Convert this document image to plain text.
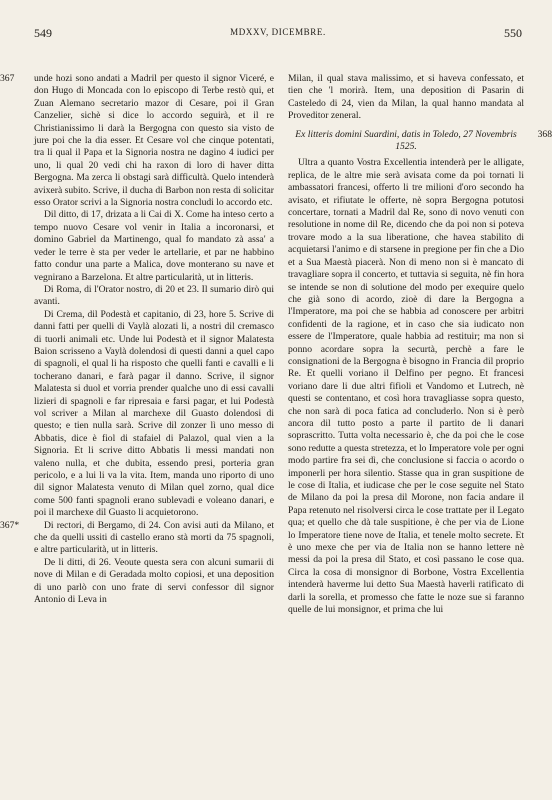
549	MDXXV, DICEMBRE.	550

367 unde hozi sono andati a Madril per questo il signor Viceré, e don Hugo di Moncada con lo episcopo di Terbe restò qui, et Zuan Alemano secretario mazor di Cesare, poi il Gran Canzelier, sichè si dice lo accordo seguirà, et il re Christianissimo li darà la Bergogna con questo sia visto de jure poi che la dia esser. Et Cesare vol che cinque potentati, tra li qual il Papa et la Signoria nostra ne dagino 4 iudici per uno, li qual 20 vedi chi ha raxon di loro di haver ditta Bergogna. Ma zerca li obstagi sarà difficultà. Quelo intenderà avixerà subito. Scrive, il ducha di Barbon non resta di solicitar esso Orator scrivi a la Signoria nostra concludi lo accordo etc.

Dil ditto, di 17, drizata a li Cai di X. Come ha inteso certo a tempo nuovo Cesare vol venir in Italia a incoronarsi, et domino Gabriel da Martinengo, qual fo mandato zà assa' a veder le terre è sta per veder le artellarie, et par ne habbino fatto condur una parte a Malica, dove monterano su nave et vegnirano a Barzelona. Et altre particularità, ut in litteris.

Di Roma, di l'Orator nostro, di 20 et 23. Il sumario dirò qui avanti.

Di Crema, dil Podestà et capitanio, di 23, hore 5. Scrive di danni fatti per quelli di Vaylà alozati li, a nostri dil cremasco di tuorli animali etc. Unde lui Podestà et il signor Malatesta Baion scrisseno a Vaylà dolendosi di questi danni a quel capo di spagnoli, el qual li ha risposto che quelli fanti e cavalli e li tocherano danari, e farà pagar il danno. Scrive, il signor Malatesta si duol et vorria prender qualche uno di essi cavalli lizieri di spagnoli e far ripresaia e farsi pagar, et lui Podestà vol scriver a Milan al marchexe dil Guasto dolendosi di questo; e tien nulla sarà. Scrive dil zonzer lì uno messo di Abbatis, dice è fiol di stafaiel di Palazol, qual vien a la Signoria. Et li scrive ditto Abbatis li messi mandati non valeno nulla, et che dubita, essendo presi, porteria gran pericolo, e a lui li va la vita. Item, manda uno riporto di uno dil signor Malatesta venuto di Milan quel zorno, qual dice come 500 fanti spagnoli erano sublevadi e voleano danari, e poi il marchexe dil Guasto li acquietorono.

367*	Di rectori, di Bergamo, di 24. Con avisi auti da Milano, et che da quelli ussiti di castello erano stà morti da 75 spagnoli, e altre particularità, ut in litteris.

De li ditti, di 26. Veoute questa sera con alcuni sumarii di nove di Milan e di Geradada molto copiosi, et una deposition di uno parlò con uno frate di servi confessor dil signor Antonio di Leva in

Milan, il qual stava malissimo, et si haveva confessato, et tien che 'l morirà. Item, una deposition di Pasarin di Casteledo di 24, vien da Milan, la qual hanno mandata al Proveditor zeneral.

Ex litteris domini Suardini, datis in Toledo, 27 Novembris 1525.
368

Ultra a quanto Vostra Excellentia intenderà per le alligate, replica, de le altre mie serà avisata come da poi tornati li ambassatori francesi, offerto li tre milioni d'oro secondo ha avisato, et rifiutate le offerte, nè sopra Bergogna potutosi concertare, tornati a Madril dal Re, sono di novo venuti con resolutione in nome dil Re, dicendo che da poi non si poteva trovare modo a la sua liberatione, che havea stabilito di acquietarsi l'animo e di starsene in pregione per fin che a Dio et a Sua Maestà piacerà. Non di meno non si è mancato di travagliare sopra il concerto, et tuttavia si seguita, nè fin hora se intende se non di solutione del modo per exequire quelo che già sono di acordo, zioè di dare la Bergogna a l'Imperatore, ma poi che se habbia ad conoscere per arbitri confidenti de la ragione, et in caso che sia iudicato non essere de l'Imperatore, quale habbia ad restituir; ma non si ponno acordare sopra la securtà, perchè a fare le consignationi de la Bergogna è bisogno in Francia dil proprio Re. Et quelli voriano il Delfino per pegno. Et francesi voriano dare li due altri fifioli et Vandomo et Lutrech, nè questi se contentano, et così hora travagliasse sopra questo, che non sarà di poca fatica ad concluderlo. Non si è però ancora dil tutto posto a parte il partito de li danari soprascritto. Tutta volta necessario è, che da poi che le cose sono redutte a questa stretezza, et lo Imperatore vole per ogni modo partire fra sei dì, che conclusione si faccia o acordo o imponerli per hora silentio. Stasse qua in gran suspitione de le cose di Italia, et iudicase che per le cose seguite nel Stato de Milano da poi la presa dil Morone, non facia andare il Papa retenuto nel risolversi circa le cose trattate per il Legato qua; et quello che dà tale suspitione, è che per via de Lione lo Imperatore tiene nove de Italia, et tenele molto secrete. Et è uno mexe che per via de Italia non se hanno lettere nè messi da poi la presa dil Stato, et così passano le cose qua. Circa la cosa di monsignor di Borbone, Vostra Excellentia intenderà haverme lui detto Sua Maestà haverli ratificato di darli la sorella, et promesso che fatte le noze sue si faranno quelle de lui monsignor, et prima che lui
